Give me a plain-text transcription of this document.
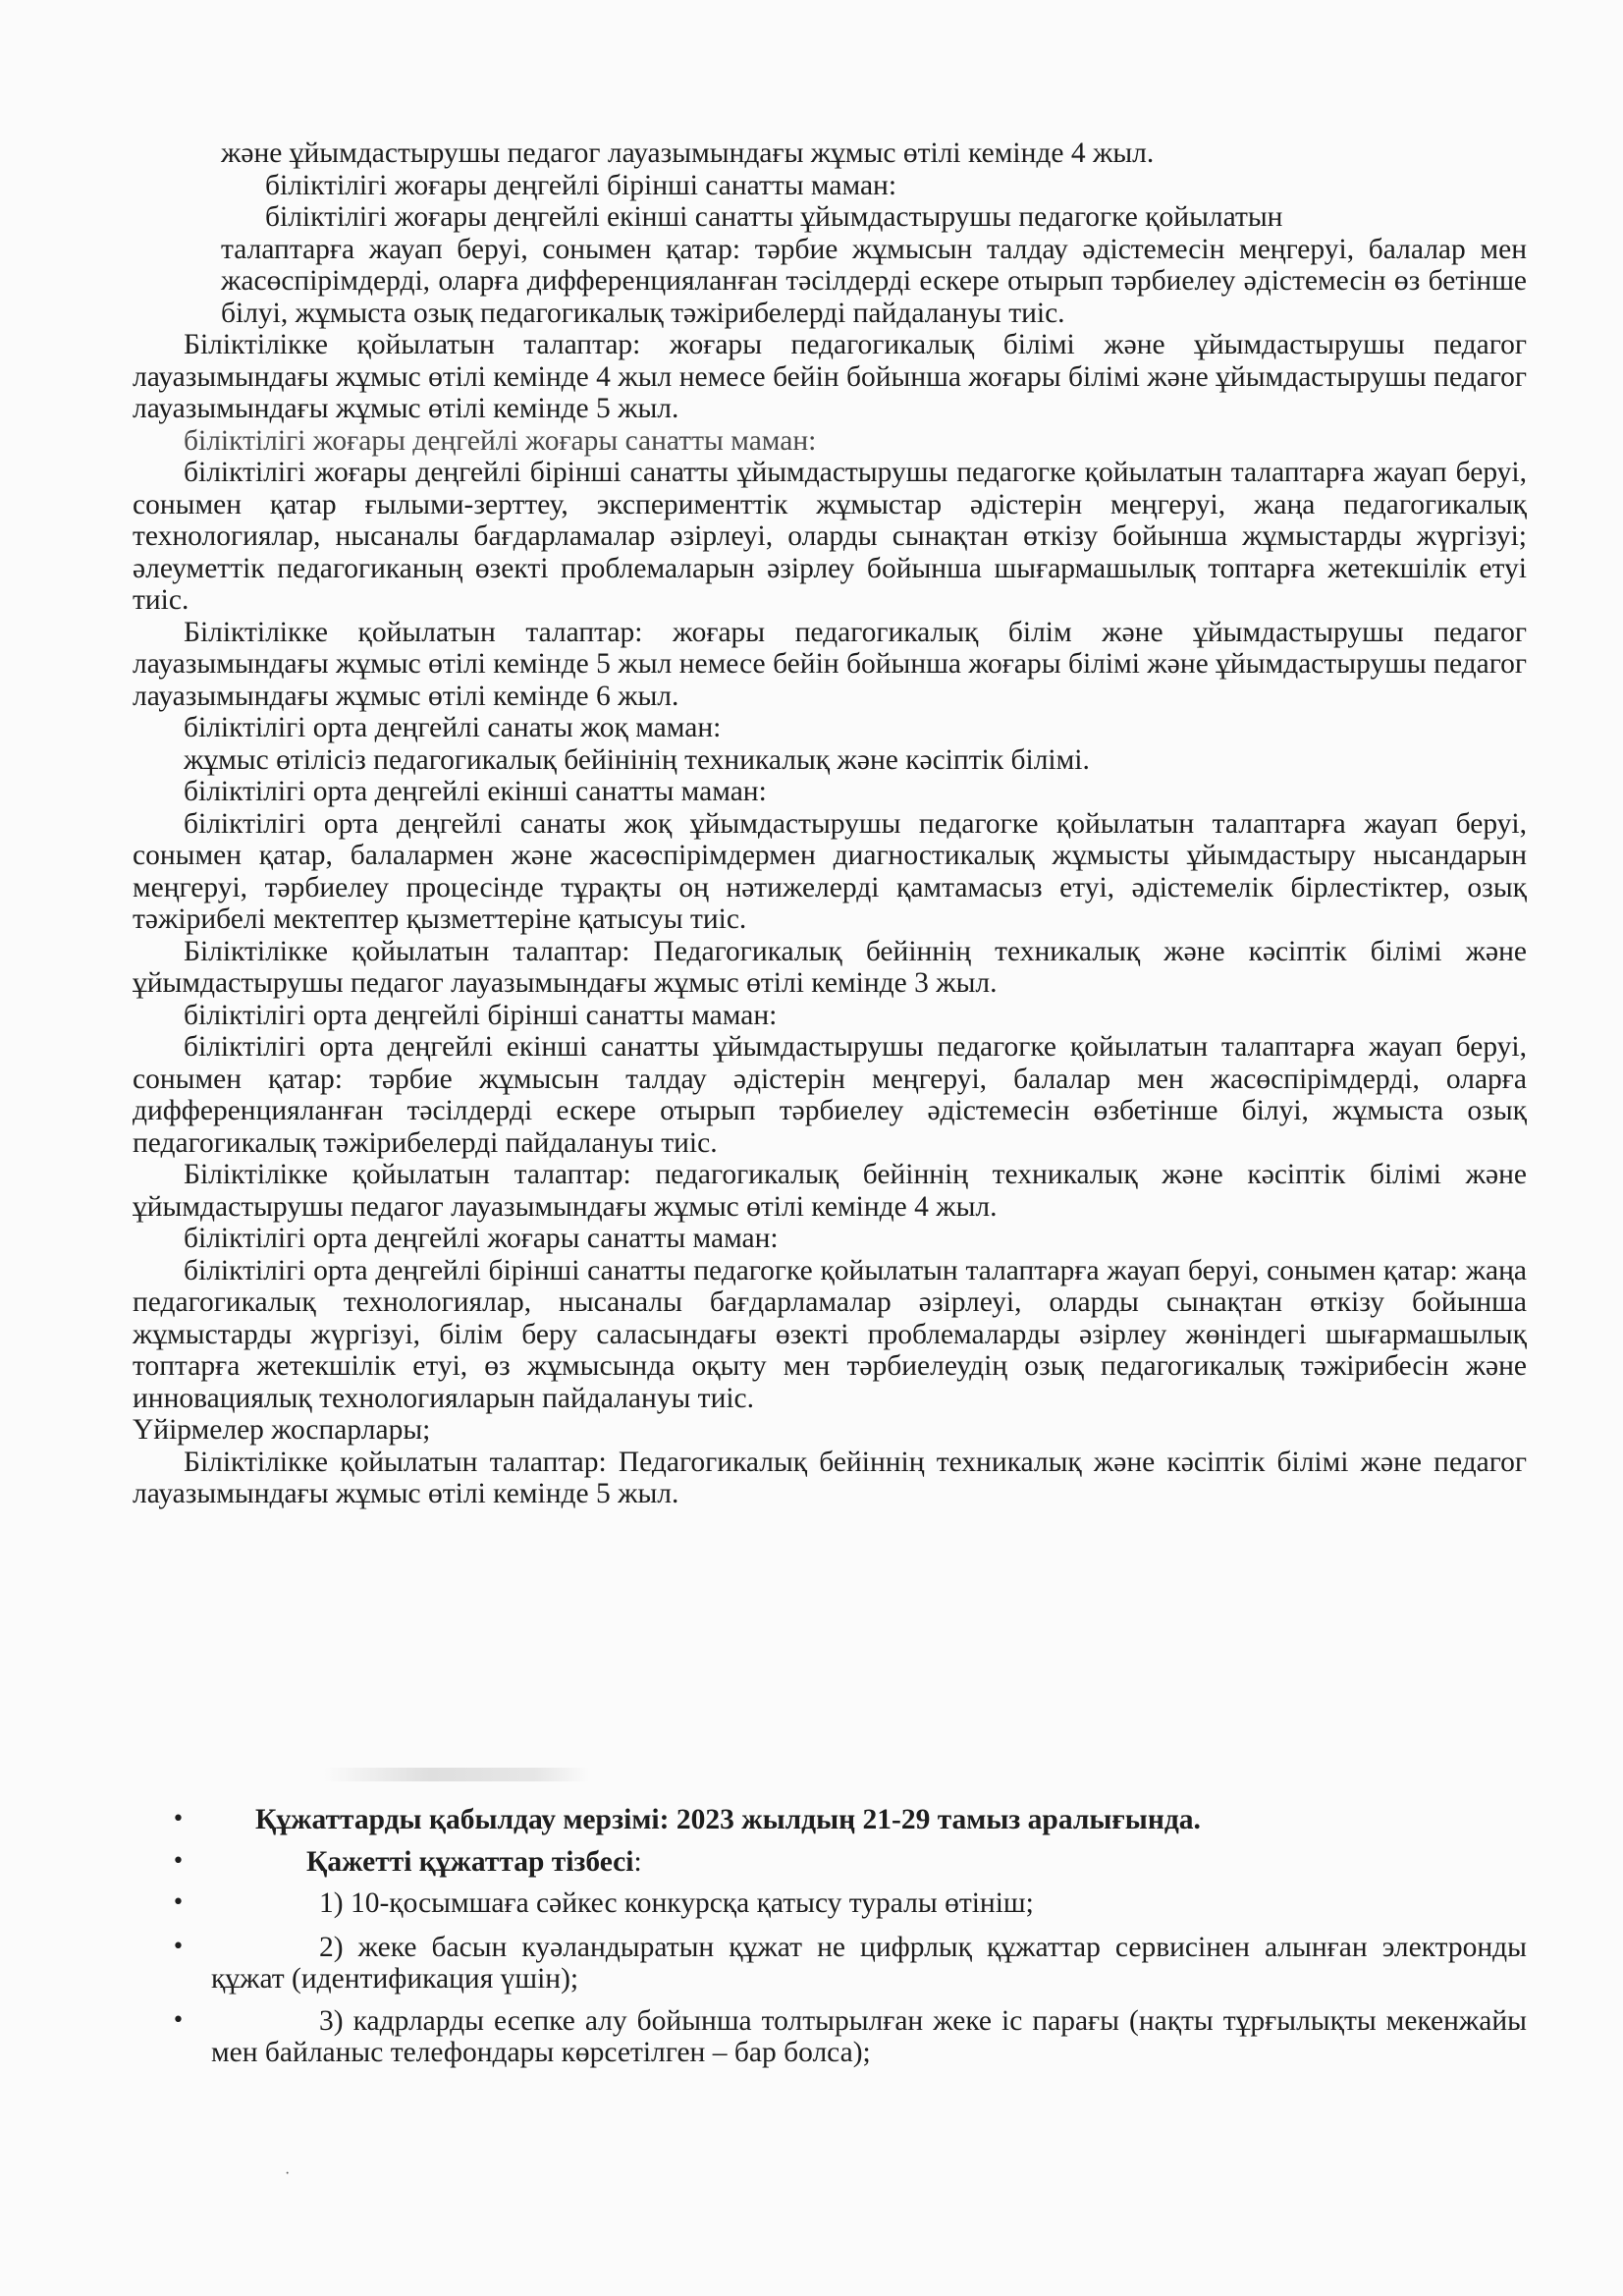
және ұйымдастырушы педагог лауазымындағы жұмыс өтілі кемінде 4 жыл.

біліктілігі жоғары деңгейлі бірінші санатты маман:

біліктілігі жоғары деңгейлі екінші санатты ұйымдастырушы педагогке қойылатын

талаптарға жауап беруі, сонымен қатар: тәрбие жұмысын талдау әдістемесін меңгеруі, балалар мен жасөспірімдерді, оларға дифференцияланған тәсілдерді ескере отырып тәрбиелеу әдістемесін өз бетінше білуі, жұмыста озық педагогикалық тәжірибелерді пайдалануы тиіс.

Біліктілікке қойылатын талаптар: жоғары педагогикалық білімі және ұйымдастырушы педагог лауазымындағы жұмыс өтілі кемінде 4 жыл немесе бейін бойынша жоғары білімі және ұйымдастырушы педагог лауазымындағы жұмыс өтілі кемінде 5 жыл.

біліктілігі жоғары деңгейлі жоғары санатты маман:

біліктілігі жоғары деңгейлі бірінші санатты ұйымдастырушы педагогке қойылатын талаптарға жауап беруі, сонымен қатар ғылыми-зерттеу, эксперименттік жұмыстар әдістерін меңгеруі, жаңа педагогикалық технологиялар, нысаналы бағдарламалар әзірлеуі, оларды сынақтан өткізу бойынша жұмыстарды жүргізуі; әлеуметтік педагогиканың өзекті проблемаларын әзірлеу бойынша шығармашылық топтарға жетекшілік етуі тиіс.

Біліктілікке қойылатын талаптар: жоғары педагогикалық білім және ұйымдастырушы педагог лауазымындағы жұмыс өтілі кемінде 5 жыл немесе бейін бойынша жоғары білімі және ұйымдастырушы педагог лауазымындағы жұмыс өтілі кемінде 6 жыл.

біліктілігі орта деңгейлі санаты жоқ маман:

жұмыс өтілісіз педагогикалық бейінінің техникалық және кәсіптік білімі.

біліктілігі орта деңгейлі екінші санатты маман:

біліктілігі орта деңгейлі санаты жоқ ұйымдастырушы педагогке қойылатын талаптарға жауап беруі, сонымен қатар, балалармен және жасөспірімдермен диагностикалық жұмысты ұйымдастыру нысандарын меңгеруі, тәрбиелеу процесінде тұрақты оң нәтижелерді қамтамасыз етуі, әдістемелік бірлестіктер, озық тәжірибелі мектептер қызметтеріне қатысуы тиіс.

Біліктілікке қойылатын талаптар: Педагогикалық бейіннің техникалық және кәсіптік білімі және ұйымдастырушы педагог лауазымындағы жұмыс өтілі кемінде 3 жыл.

біліктілігі орта деңгейлі бірінші санатты маман:

біліктілігі орта деңгейлі екінші санатты ұйымдастырушы педагогке қойылатын талаптарға жауап беруі, сонымен қатар: тәрбие жұмысын талдау әдістерін меңгеруі, балалар мен жасөспірімдерді, оларға дифференцияланған тәсілдерді ескере отырып тәрбиелеу әдістемесін өзбетінше білуі, жұмыста озық педагогикалық тәжірибелерді пайдалануы тиіс.

Біліктілікке қойылатын талаптар: педагогикалық бейіннің техникалық және кәсіптік білімі және ұйымдастырушы педагог лауазымындағы жұмыс өтілі кемінде 4 жыл.

біліктілігі орта деңгейлі жоғары санатты маман:

біліктілігі орта деңгейлі бірінші санатты педагогке қойылатын талаптарға жауап беруі, сонымен қатар: жаңа педагогикалық технологиялар, нысаналы бағдарламалар әзірлеуі, оларды сынақтан өткізу бойынша жұмыстарды жүргізуі, білім беру саласындағы өзекті проблемаларды әзірлеу жөніндегі шығармашылық топтарға жетекшілік етуі, өз жұмысында оқыту мен тәрбиелеудің озық педагогикалық тәжірибесін және инновациялық технологияларын пайдалануы тиіс.

Үйірмелер жоспарлары;

Біліктілікке қойылатын талаптар: Педагогикалық бейіннің техникалық және кәсіптік білімі және педагог лауазымындағы жұмыс өтілі кемінде 5 жыл.

•	Құжаттарды қабылдау мерзімі: 2023 жылдың 21-29 тамыз аралығында.
•	Қажетті құжаттар тізбесі:
•	1) 10-қосымшаға сәйкес конкурсқа қатысу туралы өтініш;
•	2) жеке басын куәландыратын құжат не цифрлық құжаттар сервисінен алынған электронды құжат (идентификация үшін);
•	3) кадрларды есепке алу бойынша толтырылған жеке іс парағы (нақты тұрғылықты мекенжайы мен байланыс телефондары көрсетілген – бар болса);
·
